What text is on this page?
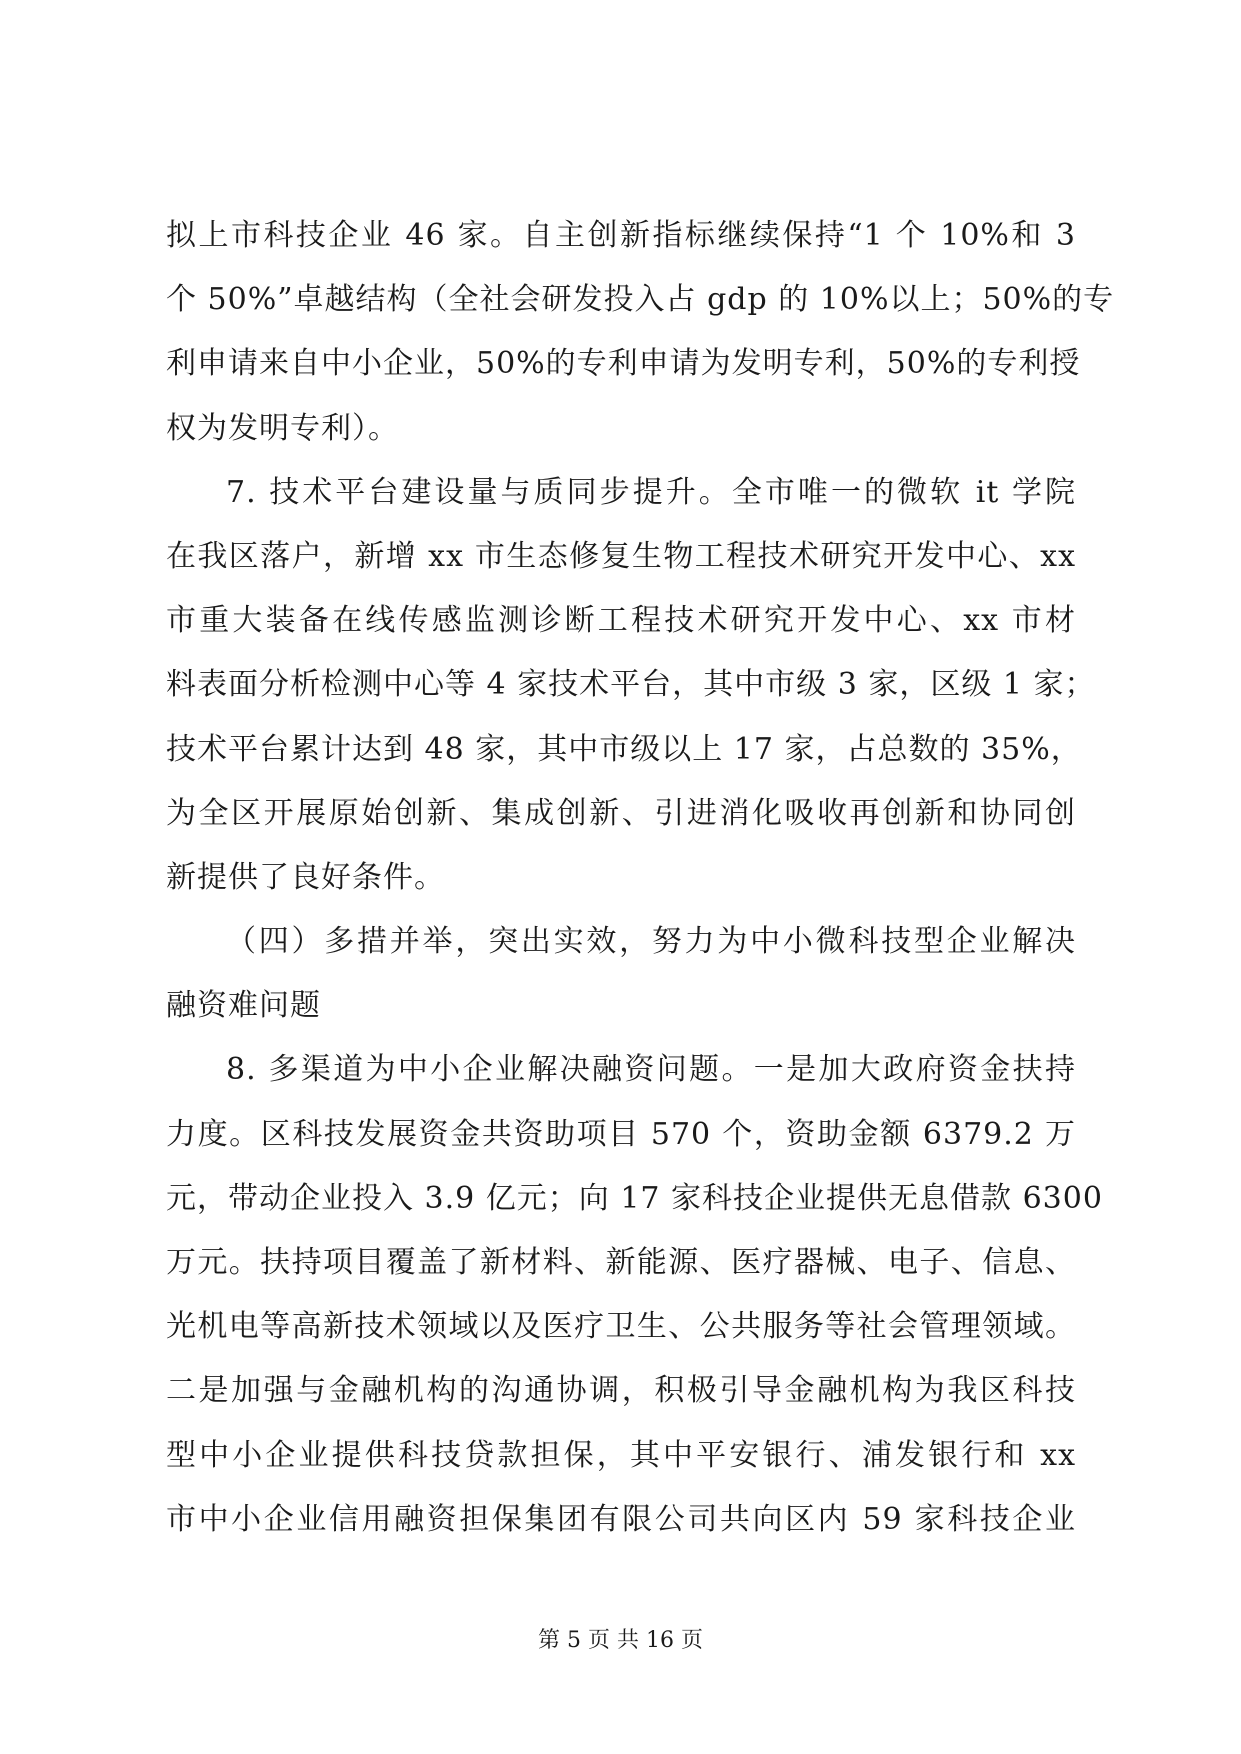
拟上市科技企业 46 家。自主创新指标继续保持“1 个 10%和 3
个 50%”卓越结构（全社会研发投入占 gdp 的 10%以上；50%的专
利申请来自中小企业，50%的专利申请为发明专利，50%的专利授
权为发明专利）。
7. 技术平台建设量与质同步提升。全市唯一的微软 it 学院
在我区落户，新增 xx 市生态修复生物工程技术研究开发中心、xx
市重大装备在线传感监测诊断工程技术研究开发中心、xx 市材
料表面分析检测中心等 4 家技术平台，其中市级 3 家，区级 1 家；
技术平台累计达到 48 家，其中市级以上 17 家，占总数的 35%，
为全区开展原始创新、集成创新、引进消化吸收再创新和协同创
新提供了良好条件。
（四）多措并举，突出实效，努力为中小微科技型企业解决
融资难问题
8. 多渠道为中小企业解决融资问题。一是加大政府资金扶持
力度。区科技发展资金共资助项目 570 个，资助金额 6379.2 万
元，带动企业投入 3.9 亿元；向 17 家科技企业提供无息借款 6300
万元。扶持项目覆盖了新材料、新能源、医疗器械、电子、信息、
光机电等高新技术领域以及医疗卫生、公共服务等社会管理领域。
二是加强与金融机构的沟通协调，积极引导金融机构为我区科技
型中小企业提供科技贷款担保，其中平安银行、浦发银行和 xx
市中小企业信用融资担保集团有限公司共向区内 59 家科技企业
第 5 页 共 16 页
